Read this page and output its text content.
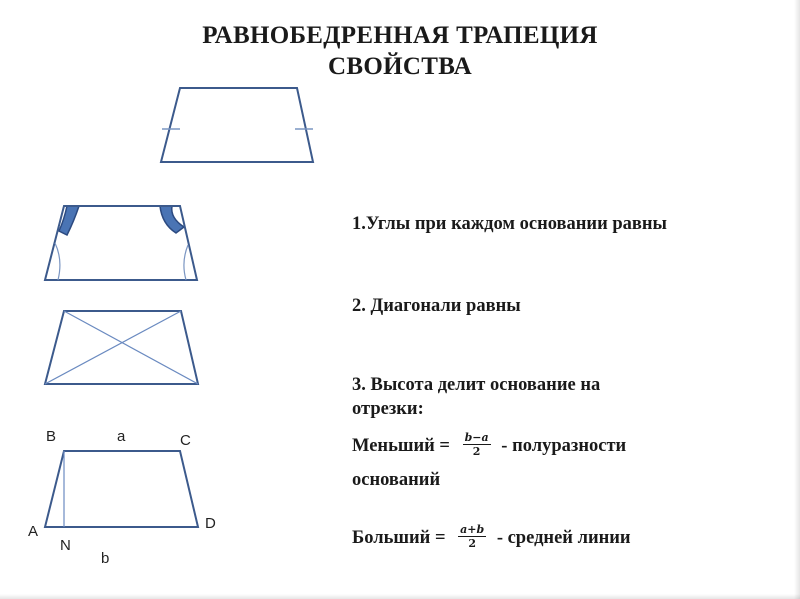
РАВНОБЕДРЕННАЯ ТРАПЕЦИЯ
СВОЙСТВА
B	a	C
A
N
b
D
1.Углы при каждом основании равны
2. Диагонали равны
3. Высота делит основание на
отрезки:
Меньший = $\frac{b-a}{2}$ - полуразности
оснований
Больший = $\frac{a+b}{2}$ - средней линии
